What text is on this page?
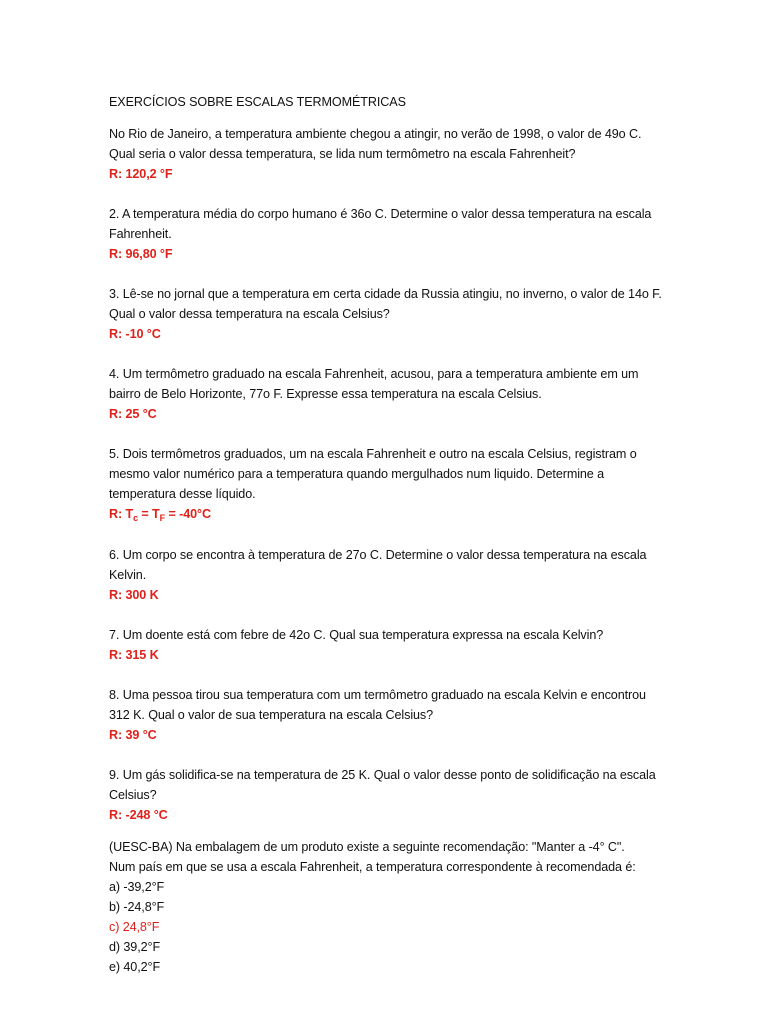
EXERCÍCIOS SOBRE ESCALAS TERMOMÉTRICAS

No Rio de Janeiro, a temperatura ambiente chegou a atingir, no verão de 1998, o valor de 49o C. Qual seria o valor dessa temperatura, se lida num termômetro na escala Fahrenheit?

R: 120,2 °F

2. A temperatura média do corpo humano é 36o C. Determine o valor dessa temperatura na escala Fahrenheit.

R: 96,80 °F

3. Lê-se no jornal que a temperatura em certa cidade da Russia atingiu, no inverno, o valor de 14o F. Qual o valor dessa temperatura na escala Celsius?

R: -10 °C

4. Um termômetro graduado na escala Fahrenheit, acusou, para a temperatura ambiente em um bairro de Belo Horizonte, 77o F. Expresse essa temperatura na escala Celsius.

R: 25 °C

5. Dois termômetros graduados, um na escala Fahrenheit e outro na escala Celsius, registram o mesmo valor numérico para a temperatura quando mergulhados num liquido. Determine a temperatura desse líquido.

R: $T_c = T_F = -40^\circ C$

6. Um corpo se encontra à temperatura de 27o C. Determine o valor dessa temperatura na escala Kelvin.

R: 300 K

7. Um doente está com febre de 42o C. Qual sua temperatura expressa na escala Kelvin?

R: 315 K

8. Uma pessoa tirou sua temperatura com um termômetro graduado na escala Kelvin e encontrou 312 K. Qual o valor de sua temperatura na escala Celsius?

R: 39 °C

9. Um gás solidifica-se na temperatura de 25 K. Qual o valor desse ponto de solidificação na escala Celsius?

R: -248 °C

(UESC-BA) Na embalagem de um produto existe a seguinte recomendação: "Manter a -4° C".

Num país em que se usa a escala Fahrenheit, a temperatura correspondente à recomendada é:

a) -39,2°F

b) -24,8°F

c) 24,8°F

d) 39,2°F

e) 40,2°F
